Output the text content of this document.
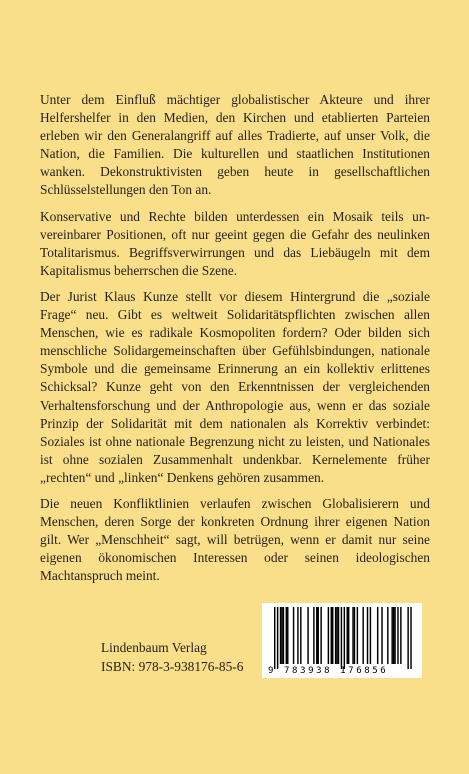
Unter dem Einfluß mächtiger globalistischer Akteure und ihrer Helfershelfer in den Medien, den Kirchen und etablierten Parteien erleben wir den Generalangriff auf alles Tradierte, auf unser Volk, die Nation, die Familien. Die kulturellen und staatlichen Institutionen wanken. Dekonstruktivisten geben heute in gesellschaftlichen Schlüsselstellungen den Ton an.

Konservative und Rechte bilden unterdessen ein Mosaik teils unvereinbarer Positionen, oft nur geeint gegen die Gefahr des neulinken Totalitarismus. Begriffsverwirrungen und das Liebäugeln mit dem Kapitalismus beherrschen die Szene.

Der Jurist Klaus Kunze stellt vor diesem Hintergrund die „soziale Frage“ neu. Gibt es weltweit Solidaritätspflichten zwischen allen Menschen, wie es radikale Kosmopoliten fordern? Oder bilden sich menschliche Solidargemeinschaften über Gefühlsbindungen, nationale Symbole und die gemeinsame Erinnerung an ein kollektiv erlittenes Schicksal? Kunze geht von den Erkenntnissen der vergleichenden Verhaltensforschung und der Anthropologie aus, wenn er das soziale Prinzip der Solidarität mit dem nationalen als Korrektiv verbindet: Soziales ist ohne nationale Begrenzung nicht zu leisten, und Nationales ist ohne sozialen Zusammenhalt undenkbar. Kernelemente früher „rechten“ und „linken“ Denkens gehören zusammen.

Die neuen Konfliktlinien verlaufen zwischen Globalisierern und Menschen, deren Sorge der konkreten Ordnung ihrer eigenen Nation gilt. Wer „Menschheit“ sagt, will betrügen, wenn er damit nur seine eigenen ökonomischen Interessen oder seinen ideologischen Machtanspruch meint.

Lindenbaum Verlag
ISBN: 978-3-938176-85-6	9 783938 176856
